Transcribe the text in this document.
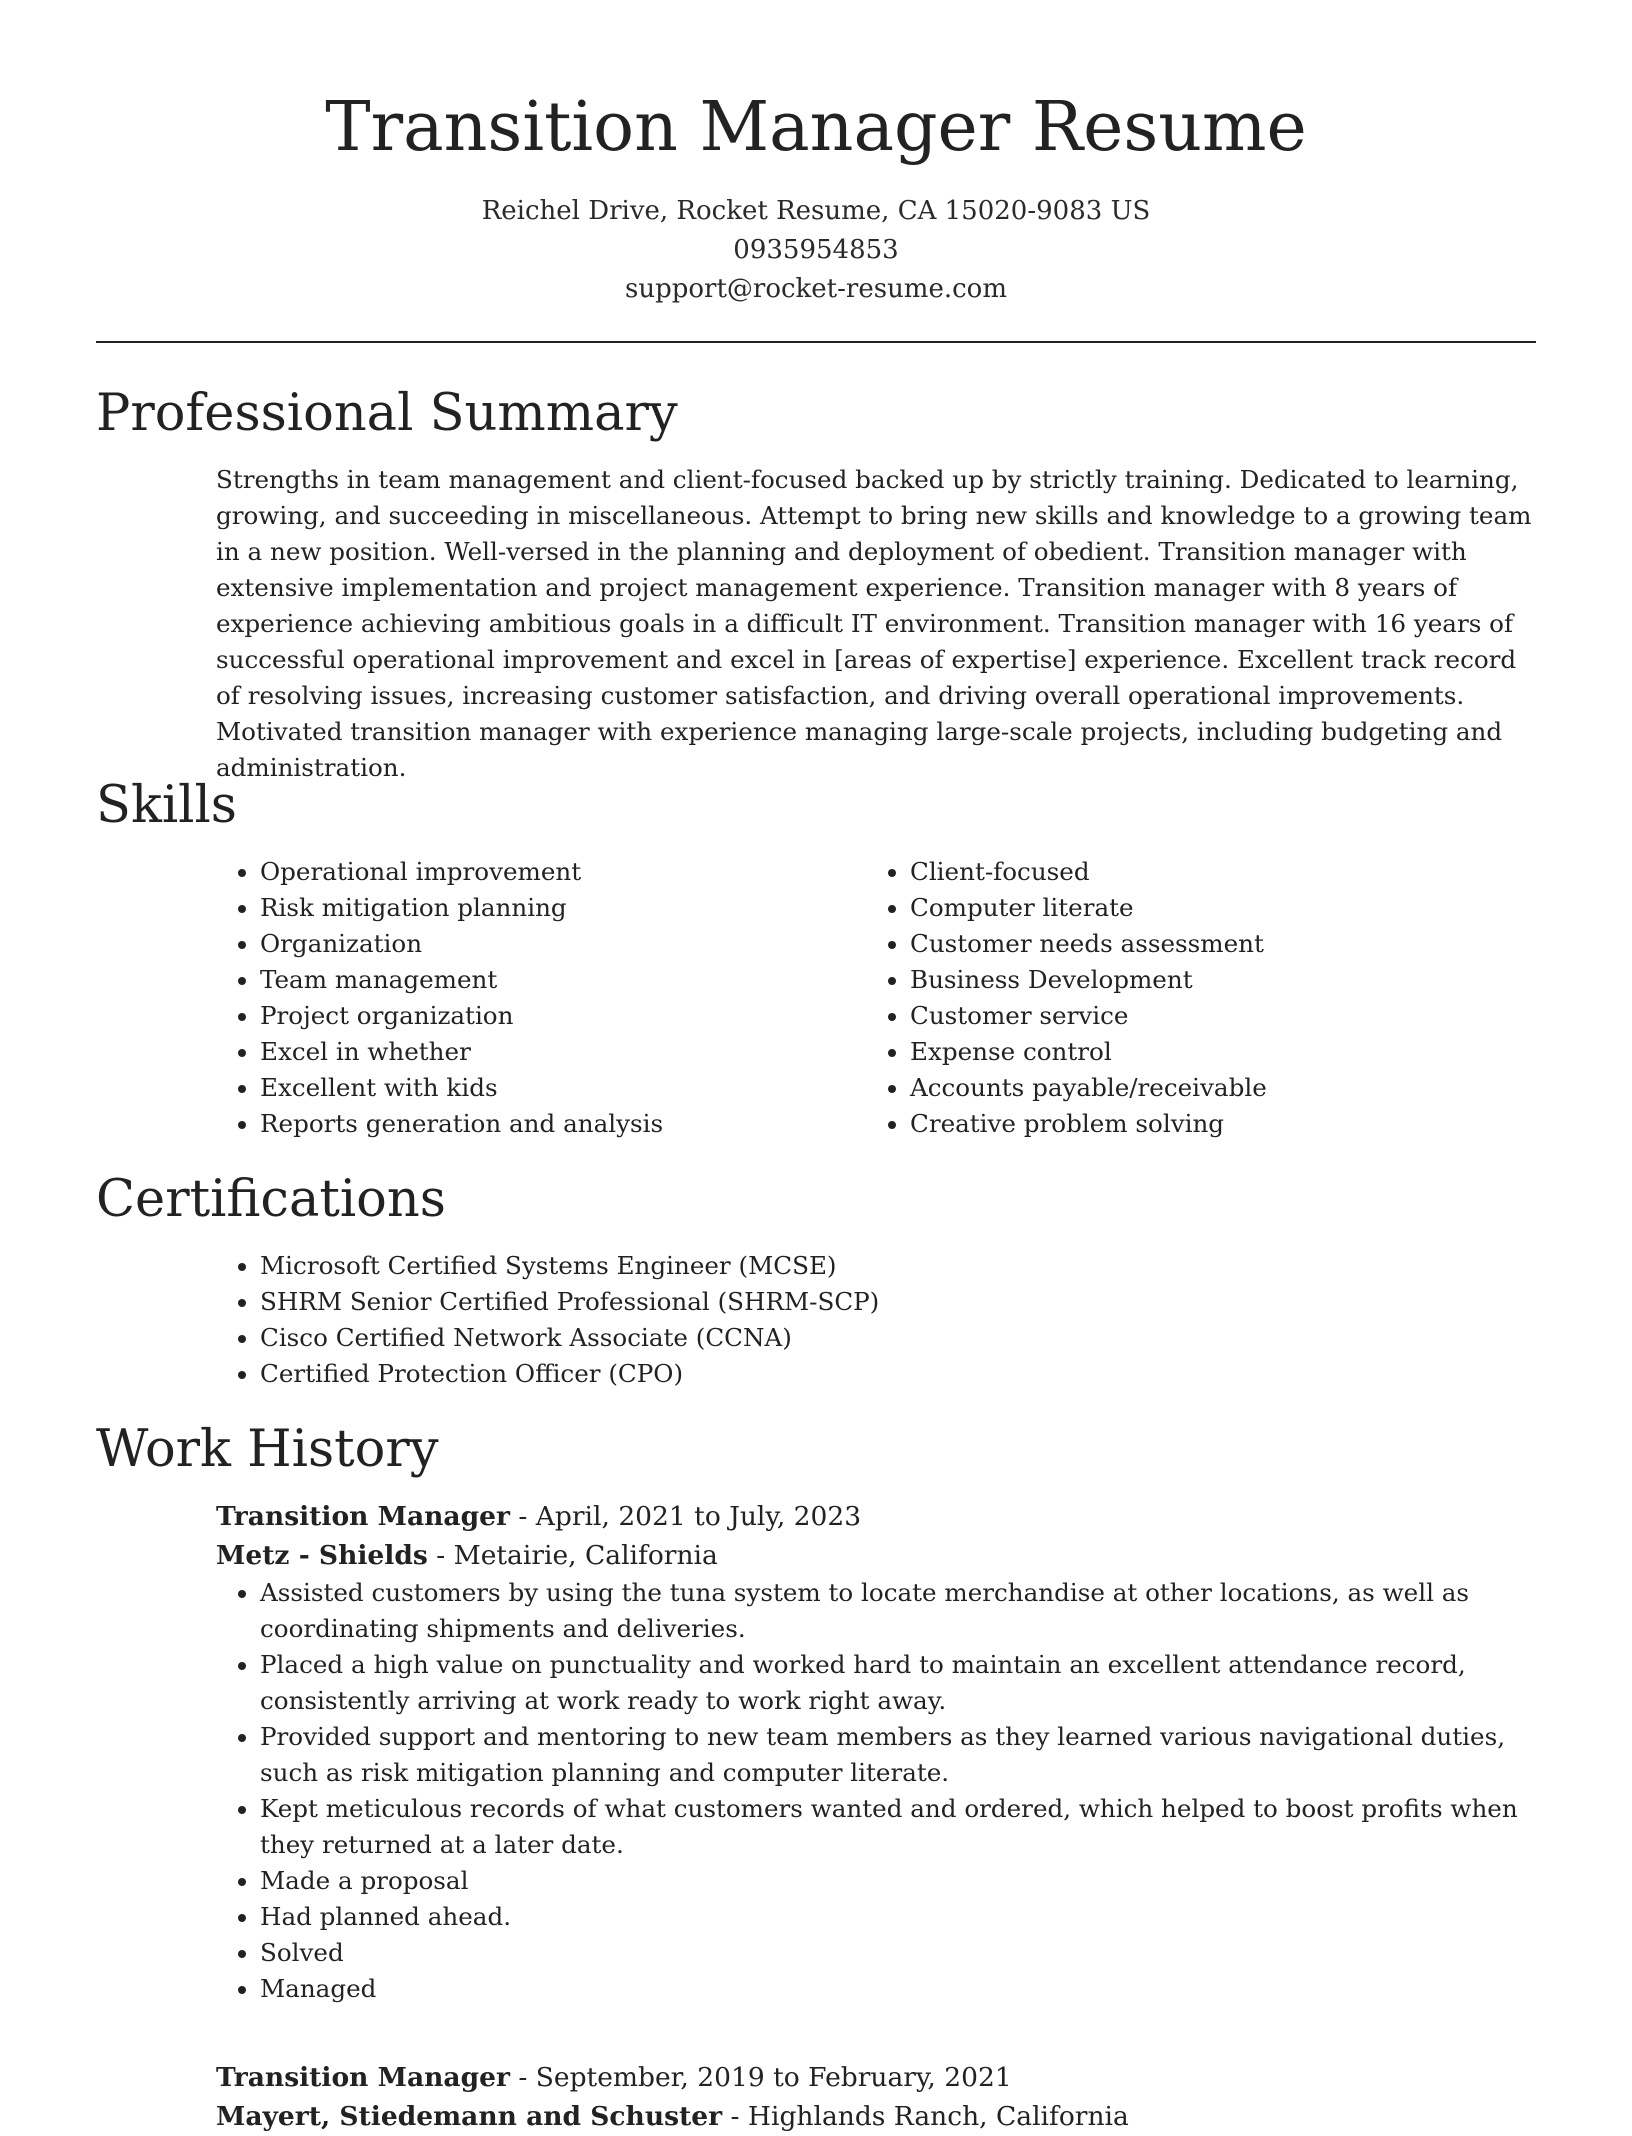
Transition Manager Resume
Reichel Drive, Rocket Resume, CA 15020-9083 US
0935954853
support@rocket-resume.com
Professional Summary

Strengths in team management and client-focused backed up by strictly training. Dedicated to learning, growing, and succeeding in miscellaneous. Attempt to bring new skills and knowledge to a growing team in a new position. Well-versed in the planning and deployment of obedient. Transition manager with extensive implementation and project management experience. Transition manager with 8 years of experience achieving ambitious goals in a difficult IT environment. Transition manager with 16 years of successful operational improvement and excel in [areas of expertise] experience. Excellent track record of resolving issues, increasing customer satisfaction, and driving overall operational improvements. Motivated transition manager with experience managing large-scale projects, including budgeting and administration.

Skills
• Operational improvement
• Risk mitigation planning
• Organization
• Team management
• Project organization
• Excel in whether
• Excellent with kids
• Reports generation and analysis
• Client-focused
• Computer literate
• Customer needs assessment
• Business Development
• Customer service
• Expense control
• Accounts payable/receivable
• Creative problem solving
Certifications
• Microsoft Certified Systems Engineer (MCSE)
• SHRM Senior Certified Professional (SHRM-SCP)
• Cisco Certified Network Associate (CCNA)
• Certified Protection Officer (CPO)
Work History
Transition Manager - April, 2021 to July, 2023
Metz - Shields - Metairie, California
• Assisted customers by using the tuna system to locate merchandise at other locations, as well as coordinating shipments and deliveries.
• Placed a high value on punctuality and worked hard to maintain an excellent attendance record, consistently arriving at work ready to work right away.
• Provided support and mentoring to new team members as they learned various navigational duties, such as risk mitigation planning and computer literate.
• Kept meticulous records of what customers wanted and ordered, which helped to boost profits when they returned at a later date.
• Made a proposal
• Had planned ahead.
• Solved
• Managed
Transition Manager - September, 2019 to February, 2021
Mayert, Stiedemann and Schuster - Highlands Ranch, California
